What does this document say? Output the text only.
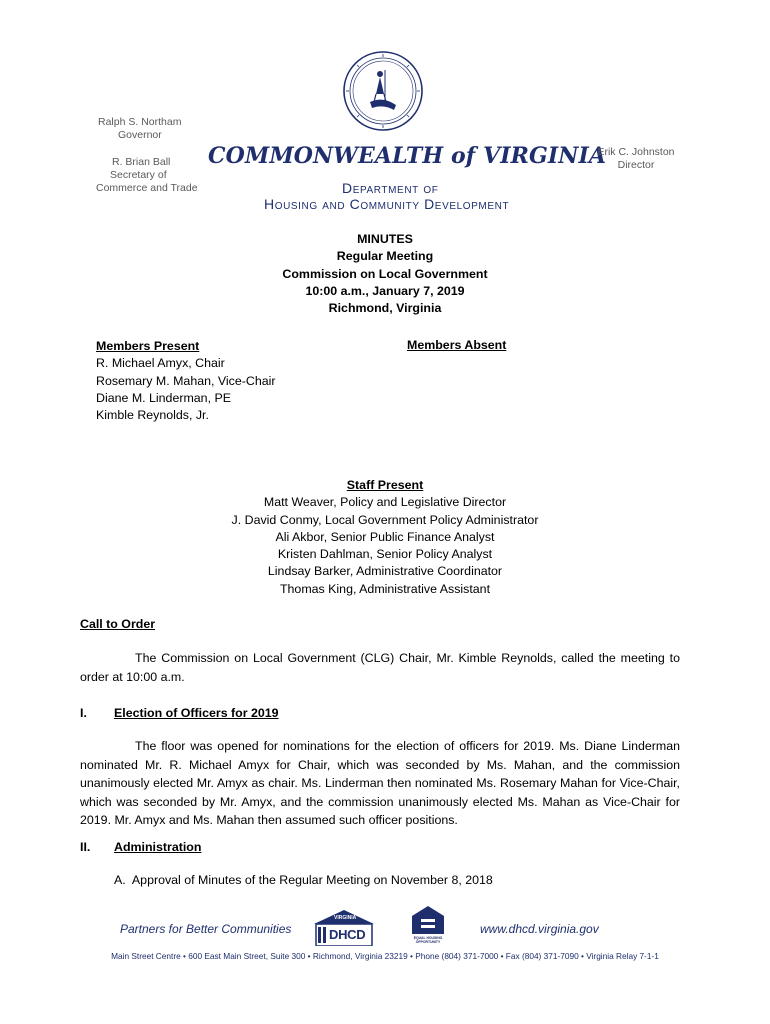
Ralph S. Northam
Governor
R. Brian Ball
Secretary of
Commerce and Trade
COMMONWEALTH of VIRGINIA
Erik C. Johnston
Director
Department of
Housing and Community Development
MINUTES
Regular Meeting
Commission on Local Government
10:00 a.m., January 7, 2019
Richmond, Virginia
Members Present
R. Michael Amyx, Chair
Rosemary M. Mahan, Vice-Chair
Diane M. Linderman, PE
Kimble Reynolds, Jr.
Members Absent
Staff Present
Matt Weaver, Policy and Legislative Director
J. David Conmy, Local Government Policy Administrator
Ali Akbor, Senior Public Finance Analyst
Kristen Dahlman, Senior Policy Analyst
Lindsay Barker, Administrative Coordinator
Thomas King, Administrative Assistant
Call to Order
The Commission on Local Government (CLG) Chair, Mr. Kimble Reynolds, called the meeting to order at 10:00 a.m.
I. Election of Officers for 2019
The floor was opened for nominations for the election of officers for 2019. Ms. Diane Linderman nominated Mr. R. Michael Amyx for Chair, which was seconded by Ms. Mahan, and the commission unanimously elected Mr. Amyx as chair. Ms. Linderman then nominated Ms. Rosemary Mahan for Vice-Chair, which was seconded by Mr. Amyx, and the commission unanimously elected Ms. Mahan as Vice-Chair for 2019. Mr. Amyx and Ms. Mahan then assumed such officer positions.
II. Administration
A.  Approval of Minutes of the Regular Meeting on November 8, 2018
Partners for Better Communities
VIRGINIA
DHCD	EQUAL HOUSING OPPORTUNITY
www.dhcd.virginia.gov
Main Street Centre • 600 East Main Street, Suite 300 • Richmond, Virginia 23219 • Phone (804) 371-7000 • Fax (804) 371-7090 • Virginia Relay 7-1-1
